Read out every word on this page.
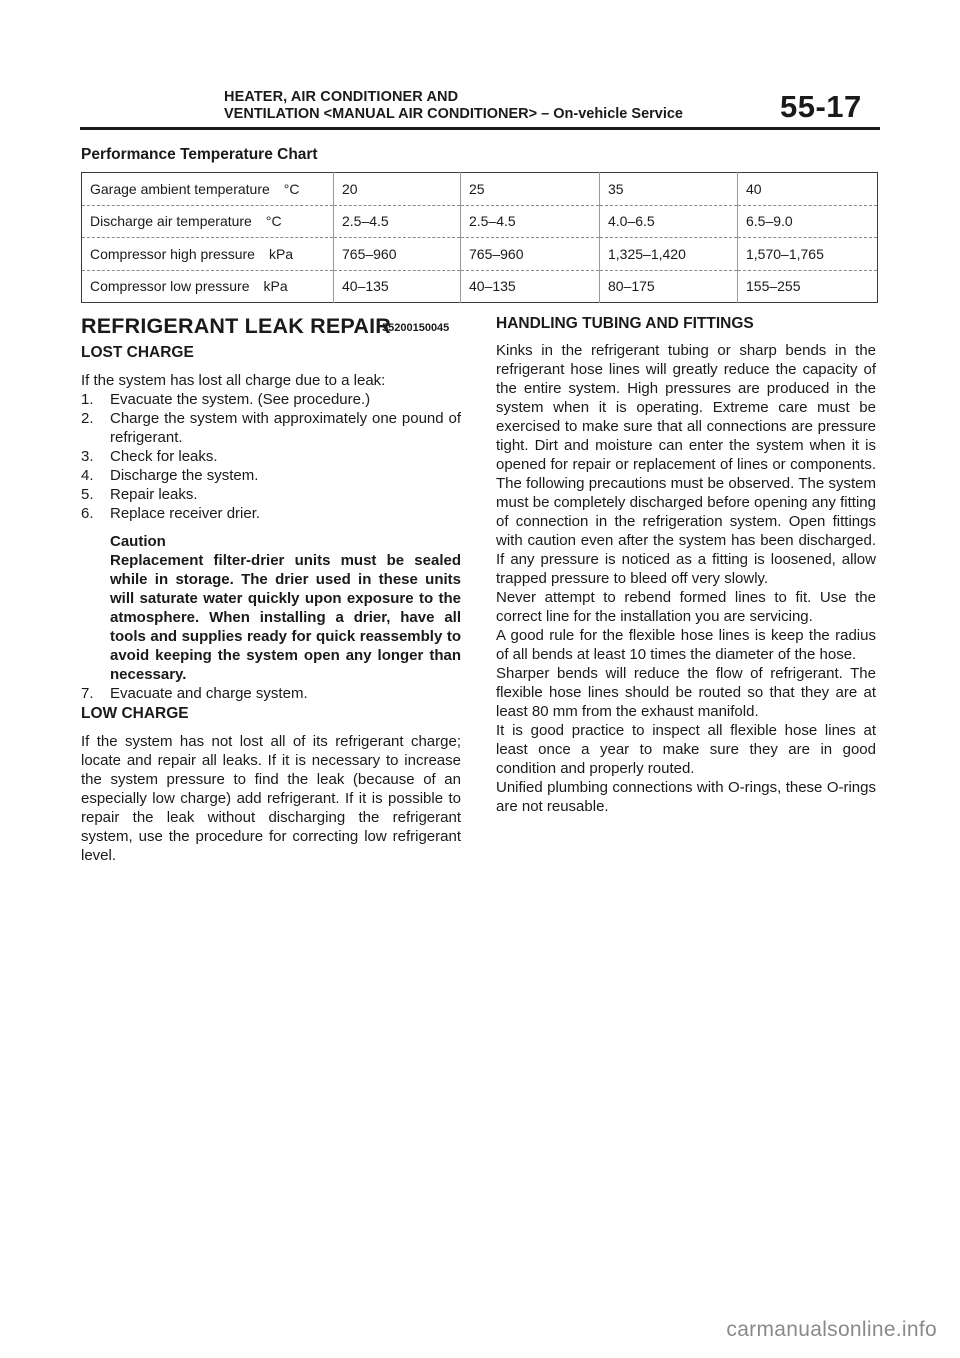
HEATER, AIR CONDITIONER AND
VENTILATION <MANUAL AIR CONDITIONER> – On-vehicle Service	55-17
Performance Temperature Chart
Garage ambient temperature °C	20	25	35	40
Discharge air temperature °C	2.5–4.5	2.5–4.5	4.0–6.5	6.5–9.0
Compressor high pressure kPa	765–960	765–960	1,325–1,420	1,570–1,765
Compressor low pressure kPa	40–135	40–135	80–175	155–255
REFRIGERANT LEAK REPAIR
55200150045
LOST CHARGE
If the system has lost all charge due to a leak:
1. Evacuate the system. (See procedure.)
2. Charge the system with approximately one pound of refrigerant.
3. Check for leaks.
4. Discharge the system.
5. Repair leaks.
6. Replace receiver drier.
Caution
Replacement filter-drier units must be sealed while in storage. The drier used in these units will saturate water quickly upon exposure to the atmosphere. When installing a drier, have all tools and supplies ready for quick reassembly to avoid keeping the system open any longer than necessary.
7. Evacuate and charge system.
LOW CHARGE
If the system has not lost all of its refrigerant charge; locate and repair all leaks. If it is necessary to increase the system pressure to find the leak (because of an especially low charge) add refrigerant. If it is possible to repair the leak without discharging the refrigerant system, use the procedure for correcting low refrigerant level.
HANDLING TUBING AND FITTINGS

Kinks in the refrigerant tubing or sharp bends in the refrigerant hose lines will greatly reduce the capacity of the entire system. High pressures are produced in the system when it is operating. Extreme care must be exercised to make sure that all connections are pressure tight. Dirt and moisture can enter the system when it is opened for repair or replacement of lines or components. The following precautions must be observed. The system must be completely discharged before opening any fitting of connection in the refrigeration system. Open fittings with caution even after the system has been discharged. If any pressure is noticed as a fitting is loosened, allow trapped pressure to bleed off very slowly.

Never attempt to rebend formed lines to fit. Use the correct line for the installation you are servicing.

A good rule for the flexible hose lines is keep the radius of all bends at least 10 times the diameter of the hose.

Sharper bends will reduce the flow of refrigerant. The flexible hose lines should be routed so that they are at least 80 mm from the exhaust manifold.

It is good practice to inspect all flexible hose lines at least once a year to make sure they are in good condition and properly routed.

Unified plumbing connections with O-rings, these O-rings are not reusable.

carmanualsonline.info
